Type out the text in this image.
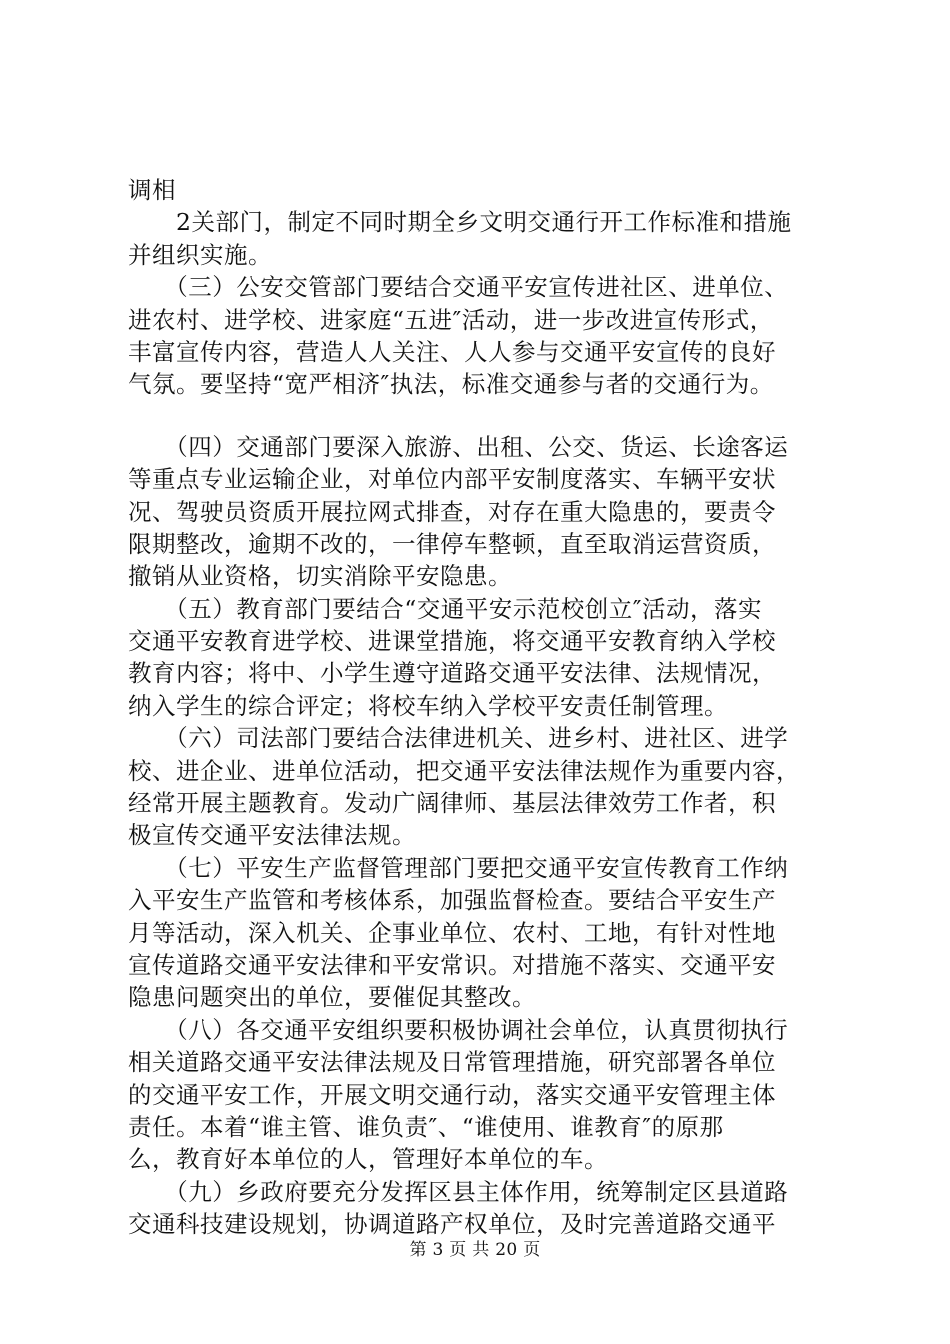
调相
　　2关部门，制定不同时期全乡文明交通行开工作标准和措施
并组织实施。
　　（三）公安交管部门要结合交通平安宣传进社区、进单位、
进农村、进学校、进家庭“五进″活动，进一步改进宣传形式，
丰富宣传内容，营造人人关注、人人参与交通平安宣传的良好
气氛。要坚持“宽严相济″执法，标准交通参与者的交通行为。
　　（四）交通部门要深入旅游、出租、公交、货运、长途客运
等重点专业运输企业，对单位内部平安制度落实、车辆平安状
况、驾驶员资质开展拉网式排查，对存在重大隐患的，要责令
限期整改，逾期不改的，一律停车整顿，直至取消运营资质，
撤销从业资格，切实消除平安隐患。
　　（五）教育部门要结合“交通平安示范校创立″活动，落实
交通平安教育进学校、进课堂措施，将交通平安教育纳入学校
教育内容；将中、小学生遵守道路交通平安法律、法规情况，
纳入学生的综合评定；将校车纳入学校平安责任制管理。
　　（六）司法部门要结合法律进机关、进乡村、进社区、进学
校、进企业、进单位活动，把交通平安法律法规作为重要内容，
经常开展主题教育。发动广阔律师、基层法律效劳工作者，积
极宣传交通平安法律法规。
　　（七）平安生产监督管理部门要把交通平安宣传教育工作纳
入平安生产监管和考核体系，加强监督检查。要结合平安生产
月等活动，深入机关、企事业单位、农村、工地，有针对性地
宣传道路交通平安法律和平安常识。对措施不落实、交通平安
隐患问题突出的单位，要催促其整改。
　　（八）各交通平安组织要积极协调社会单位，认真贯彻执行
相关道路交通平安法律法规及日常管理措施，研究部署各单位
的交通平安工作，开展文明交通行动，落实交通平安管理主体
责任。本着“谁主管、谁负责″、“谁使用、谁教育″的原那
么，教育好本单位的人，管理好本单位的车。
　　（九）乡政府要充分发挥区县主体作用，统筹制定区县道路
交通科技建设规划，协调道路产权单位，及时完善道路交通平
第 3 页 共 20 页
